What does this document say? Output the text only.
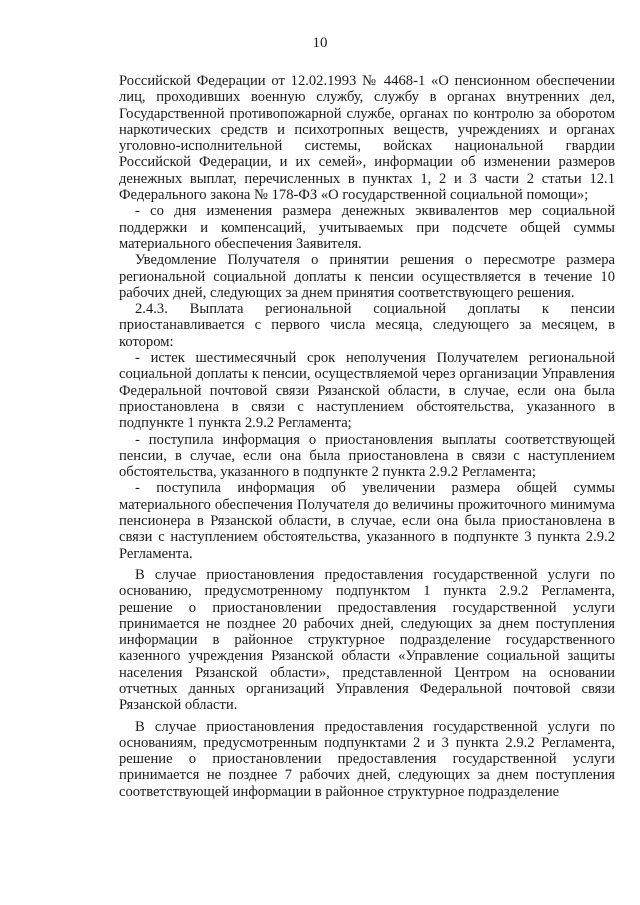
10

Российской Федерации от 12.02.1993 № 4468-1 «О пенсионном обеспечении лиц, проходивших военную службу, службу в органах внутренних дел, Государственной противопожарной службе, органах по контролю за оборотом наркотических средств и психотропных веществ, учреждениях и органах уголовно-исполнительной системы, войсках национальной гвардии Российской Федерации, и их семей», информации об изменении размеров денежных выплат, перечисленных в пунктах 1, 2 и 3 части 2 статьи 12.1 Федерального закона № 178-ФЗ «О государственной социальной помощи»;

- со дня изменения размера денежных эквивалентов мер социальной поддержки и компенсаций, учитываемых при подсчете общей суммы материального обеспечения Заявителя.

Уведомление Получателя о принятии решения о пересмотре размера региональной социальной доплаты к пенсии осуществляется в течение 10 рабочих дней, следующих за днем принятия соответствующего решения.

2.4.3. Выплата региональной социальной доплаты к пенсии приостанавливается с первого числа месяца, следующего за месяцем, в котором:

- истек шестимесячный срок неполучения Получателем региональной социальной доплаты к пенсии, осуществляемой через организации Управления Федеральной почтовой связи Рязанской области, в случае, если она была приостановлена в связи с наступлением обстоятельства, указанного в подпункте 1 пункта 2.9.2 Регламента;

- поступила информация о приостановления выплаты соответствующей пенсии, в случае, если она была приостановлена в связи с наступлением обстоятельства, указанного в подпункте 2 пункта 2.9.2 Регламента;

- поступила информация об увеличении размера общей суммы материального обеспечения Получателя до величины прожиточного минимума пенсионера в Рязанской области, в случае, если она была приостановлена в связи с наступлением обстоятельства, указанного в подпункте 3 пункта 2.9.2 Регламента.

В случае приостановления предоставления государственной услуги по основанию, предусмотренному подпунктом 1 пункта 2.9.2 Регламента, решение о приостановлении предоставления государственной услуги принимается не позднее 20 рабочих дней, следующих за днем поступления информации в районное структурное подразделение государственного казенного учреждения Рязанской области «Управление социальной защиты населения Рязанской области», представленной Центром на основании отчетных данных организаций Управления Федеральной почтовой связи Рязанской области.

В случае приостановления предоставления государственной услуги по основаниям, предусмотренным подпунктами 2 и 3 пункта 2.9.2 Регламента, решение о приостановлении предоставления государственной услуги принимается не позднее 7 рабочих дней, следующих за днем поступления соответствующей информации в районное структурное подразделение
